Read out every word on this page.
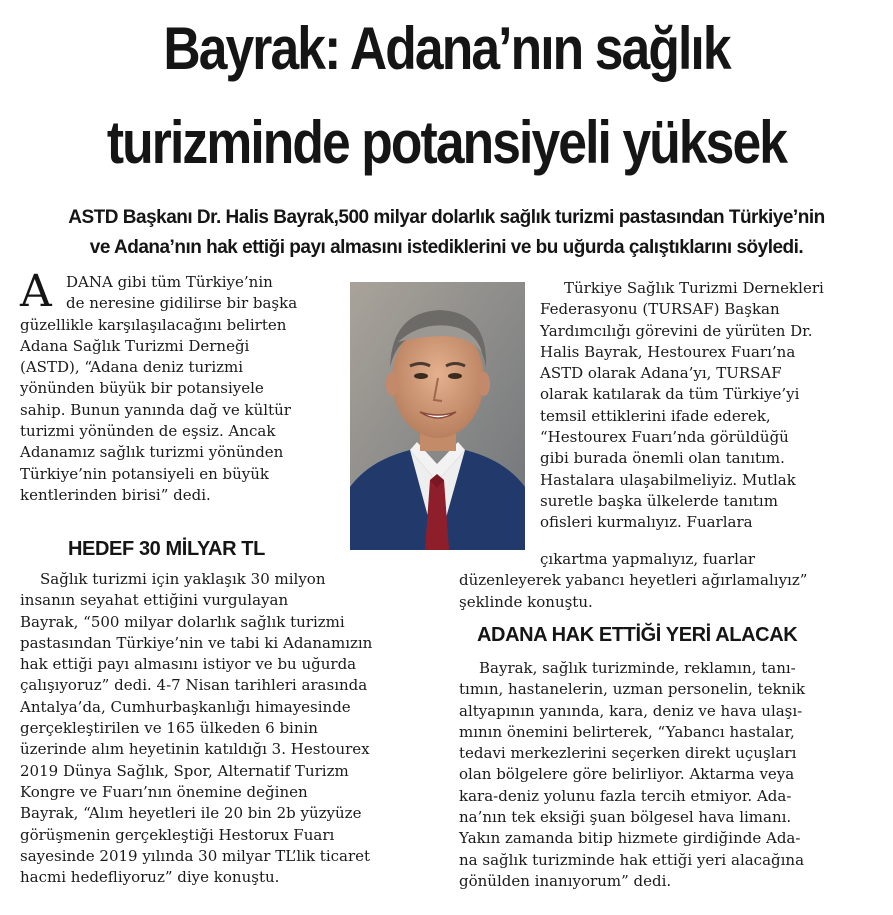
Bayrak: Adana’nın sağlık
turizminde potansiyeli yüksek
ASTD Başkanı Dr. Halis Bayrak,500 milyar dolarlık sağlık turizmi pastasından Türkiye’nin
ve Adana’nın hak ettiği payı almasını istediklerini ve bu uğurda çalıştıklarını söyledi.
A DANA gibi tüm Türkiye’nin
de neresine gidilirse bir başka
güzellikle karşılaşılacağını belirten
Adana Sağlık Turizmi Derneği
(ASTD), “Adana deniz turizmi
yönünden büyük bir potansiyele
sahip. Bunun yanında dağ ve kültür
turizmi yönünden de eşsiz. Ancak
Adanamız sağlık turizmi yönünden
Türkiye’nin potansiyeli en büyük
kentlerinden birisi” dedi.
HEDEF 30 MİLYAR TL
Sağlık turizmi için yaklaşık 30 milyon
insanın seyahat ettiğini vurgulayan
Bayrak, “500 milyar dolarlık sağlık turizmi
pastasından Türkiye’nin ve tabi ki Adanamızın
hak ettiği payı almasını istiyor ve bu uğurda
çalışıyoruz” dedi. 4-7 Nisan tarihleri arasında
Antalya’da, Cumhurbaşkanlığı himayesinde
gerçekleştirilen ve 165 ülkeden 6 binin
üzerinde alım heyetinin katıldığı 3. Hestourex
2019 Dünya Sağlık, Spor, Alternatif Turizm
Kongre ve Fuarı’nın önemine değinen
Bayrak, “Alım heyetleri ile 20 bin 2b yüzyüze
görüşmenin gerçekleştiği Hestorux Fuarı
sayesinde 2019 yılında 30 milyar TL’lik ticaret
hacmi hedefliyoruz” diye konuştu.
Türkiye Sağlık Turizmi Dernekleri
Federasyonu (TURSAF) Başkan
Yardımcılığı görevini de yürüten Dr.
Halis Bayrak, Hestourex Fuarı’na
ASTD olarak Adana’yı, TURSAF
olarak katılarak da tüm Türkiye’yi
temsil ettiklerini ifade ederek,
“Hestourex Fuarı’nda görüldüğü
gibi burada önemli olan tanıtım.
Hastalara ulaşabilmeliyiz. Mutlak
suretle başka ülkelerde tanıtım
ofisleri kurmalıyız. Fuarlara
çıkartma yapmalıyız, fuarlar
düzenleyerek yabancı heyetleri ağırlamalıyız”
şeklinde konuştu.
ADANA HAK ETTİĞİ YERİ ALACAK
Bayrak, sağlık turizminde, reklamın, tanı-
tımın, hastanelerin, uzman personelin, teknik
altyapının yanında, kara, deniz ve hava ulaşı-
mının önemini belirterek, “Yabancı hastalar,
tedavi merkezlerini seçerken direkt uçuşları
olan bölgelere göre belirliyor. Aktarma veya
kara-deniz yolunu fazla tercih etmiyor. Ada-
na’nın tek eksiği şuan bölgesel hava limanı.
Yakın zamanda bitip hizmete girdiğinde Ada-
na sağlık turizminde hak ettiği yeri alacağına
gönülden inanıyorum” dedi.
